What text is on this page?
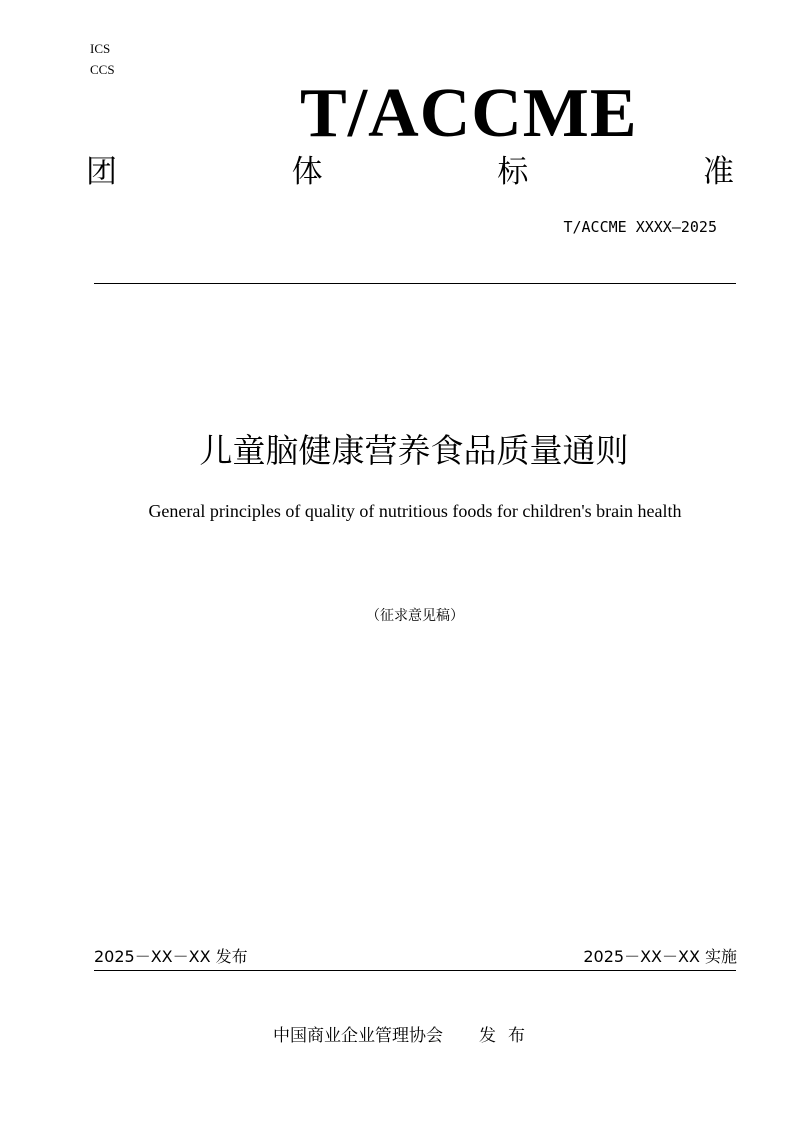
ICS
CCS
T/ACCME
团	体	标	准
T/ACCME XXXX—2025
儿童脑健康营养食品质量通则
General principles of quality of nutritious foods for children's brain health
（征求意见稿）
2025－XX－XX 发布	2025－XX－XX 实施
中国商业企业管理协会 发布
